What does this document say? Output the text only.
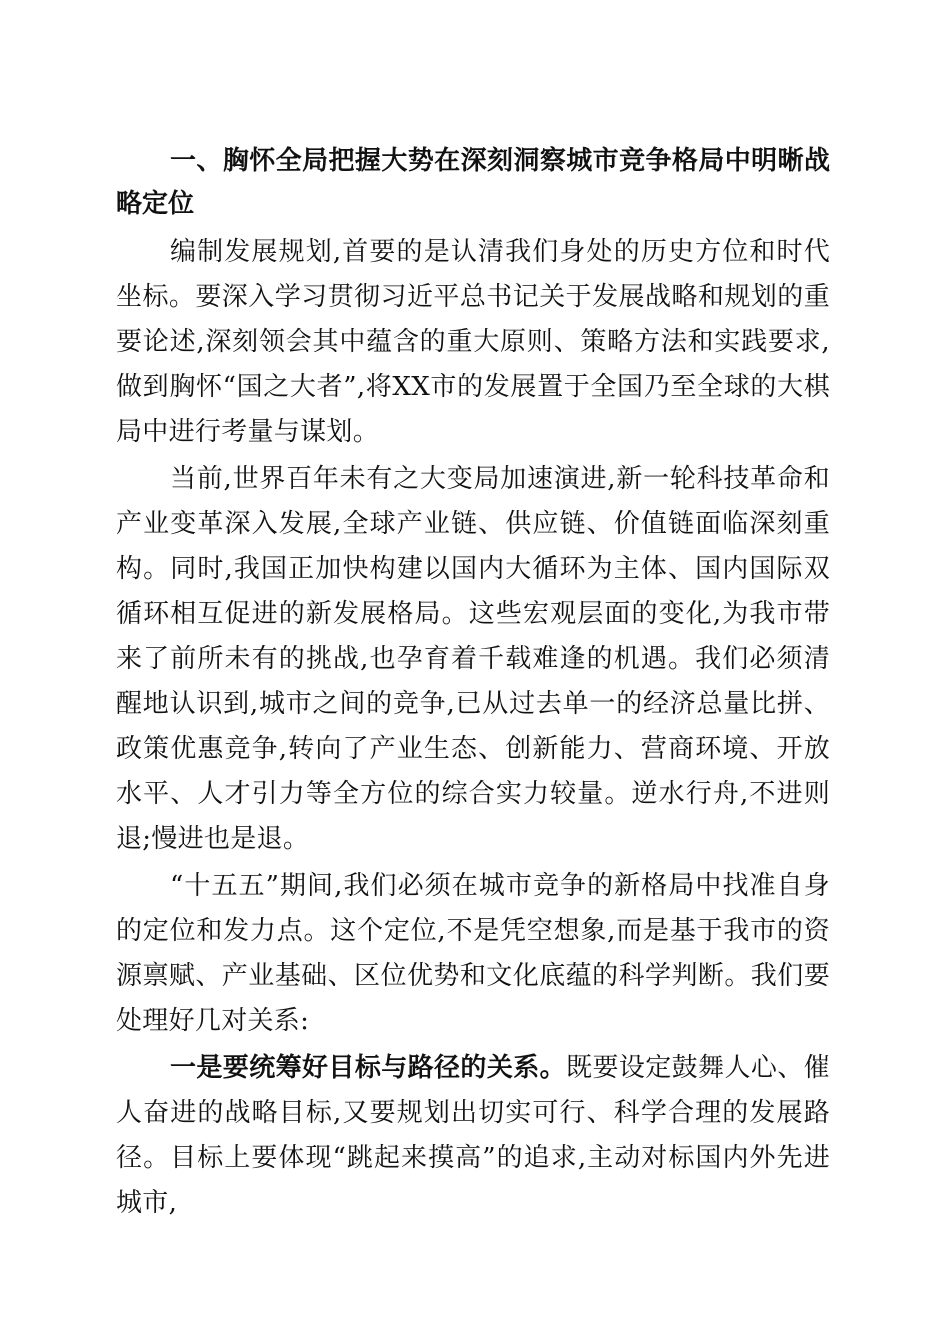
一、胸怀全局把握大势在深刻洞察城市竞争格局中明晰战略定位

编制发展规划,首要的是认清我们身处的历史方位和时代坐标。要深入学习贯彻习近平总书记关于发展战略和规划的重要论述,深刻领会其中蕴含的重大原则、策略方法和实践要求,做到胸怀“国之大者”,将XX市的发展置于全国乃至全球的大棋局中进行考量与谋划。

当前,世界百年未有之大变局加速演进,新一轮科技革命和产业变革深入发展,全球产业链、供应链、价值链面临深刻重构。同时,我国正加快构建以国内大循环为主体、国内国际双循环相互促进的新发展格局。这些宏观层面的变化,为我市带来了前所未有的挑战,也孕育着千载难逢的机遇。我们必须清醒地认识到,城市之间的竞争,已从过去单一的经济总量比拼、政策优惠竞争,转向了产业生态、创新能力、营商环境、开放水平、人才引力等全方位的综合实力较量。逆水行舟,不进则退;慢进也是退。

“十五五”期间,我们必须在城市竞争的新格局中找准自身的定位和发力点。这个定位,不是凭空想象,而是基于我市的资源禀赋、产业基础、区位优势和文化底蕴的科学判断。我们要处理好几对关系:

一是要统筹好目标与路径的关系。既要设定鼓舞人心、催人奋进的战略目标,又要规划出切实可行、科学合理的发展路径。目标上要体现“跳起来摸高”的追求,主动对标国内外先进城市,
